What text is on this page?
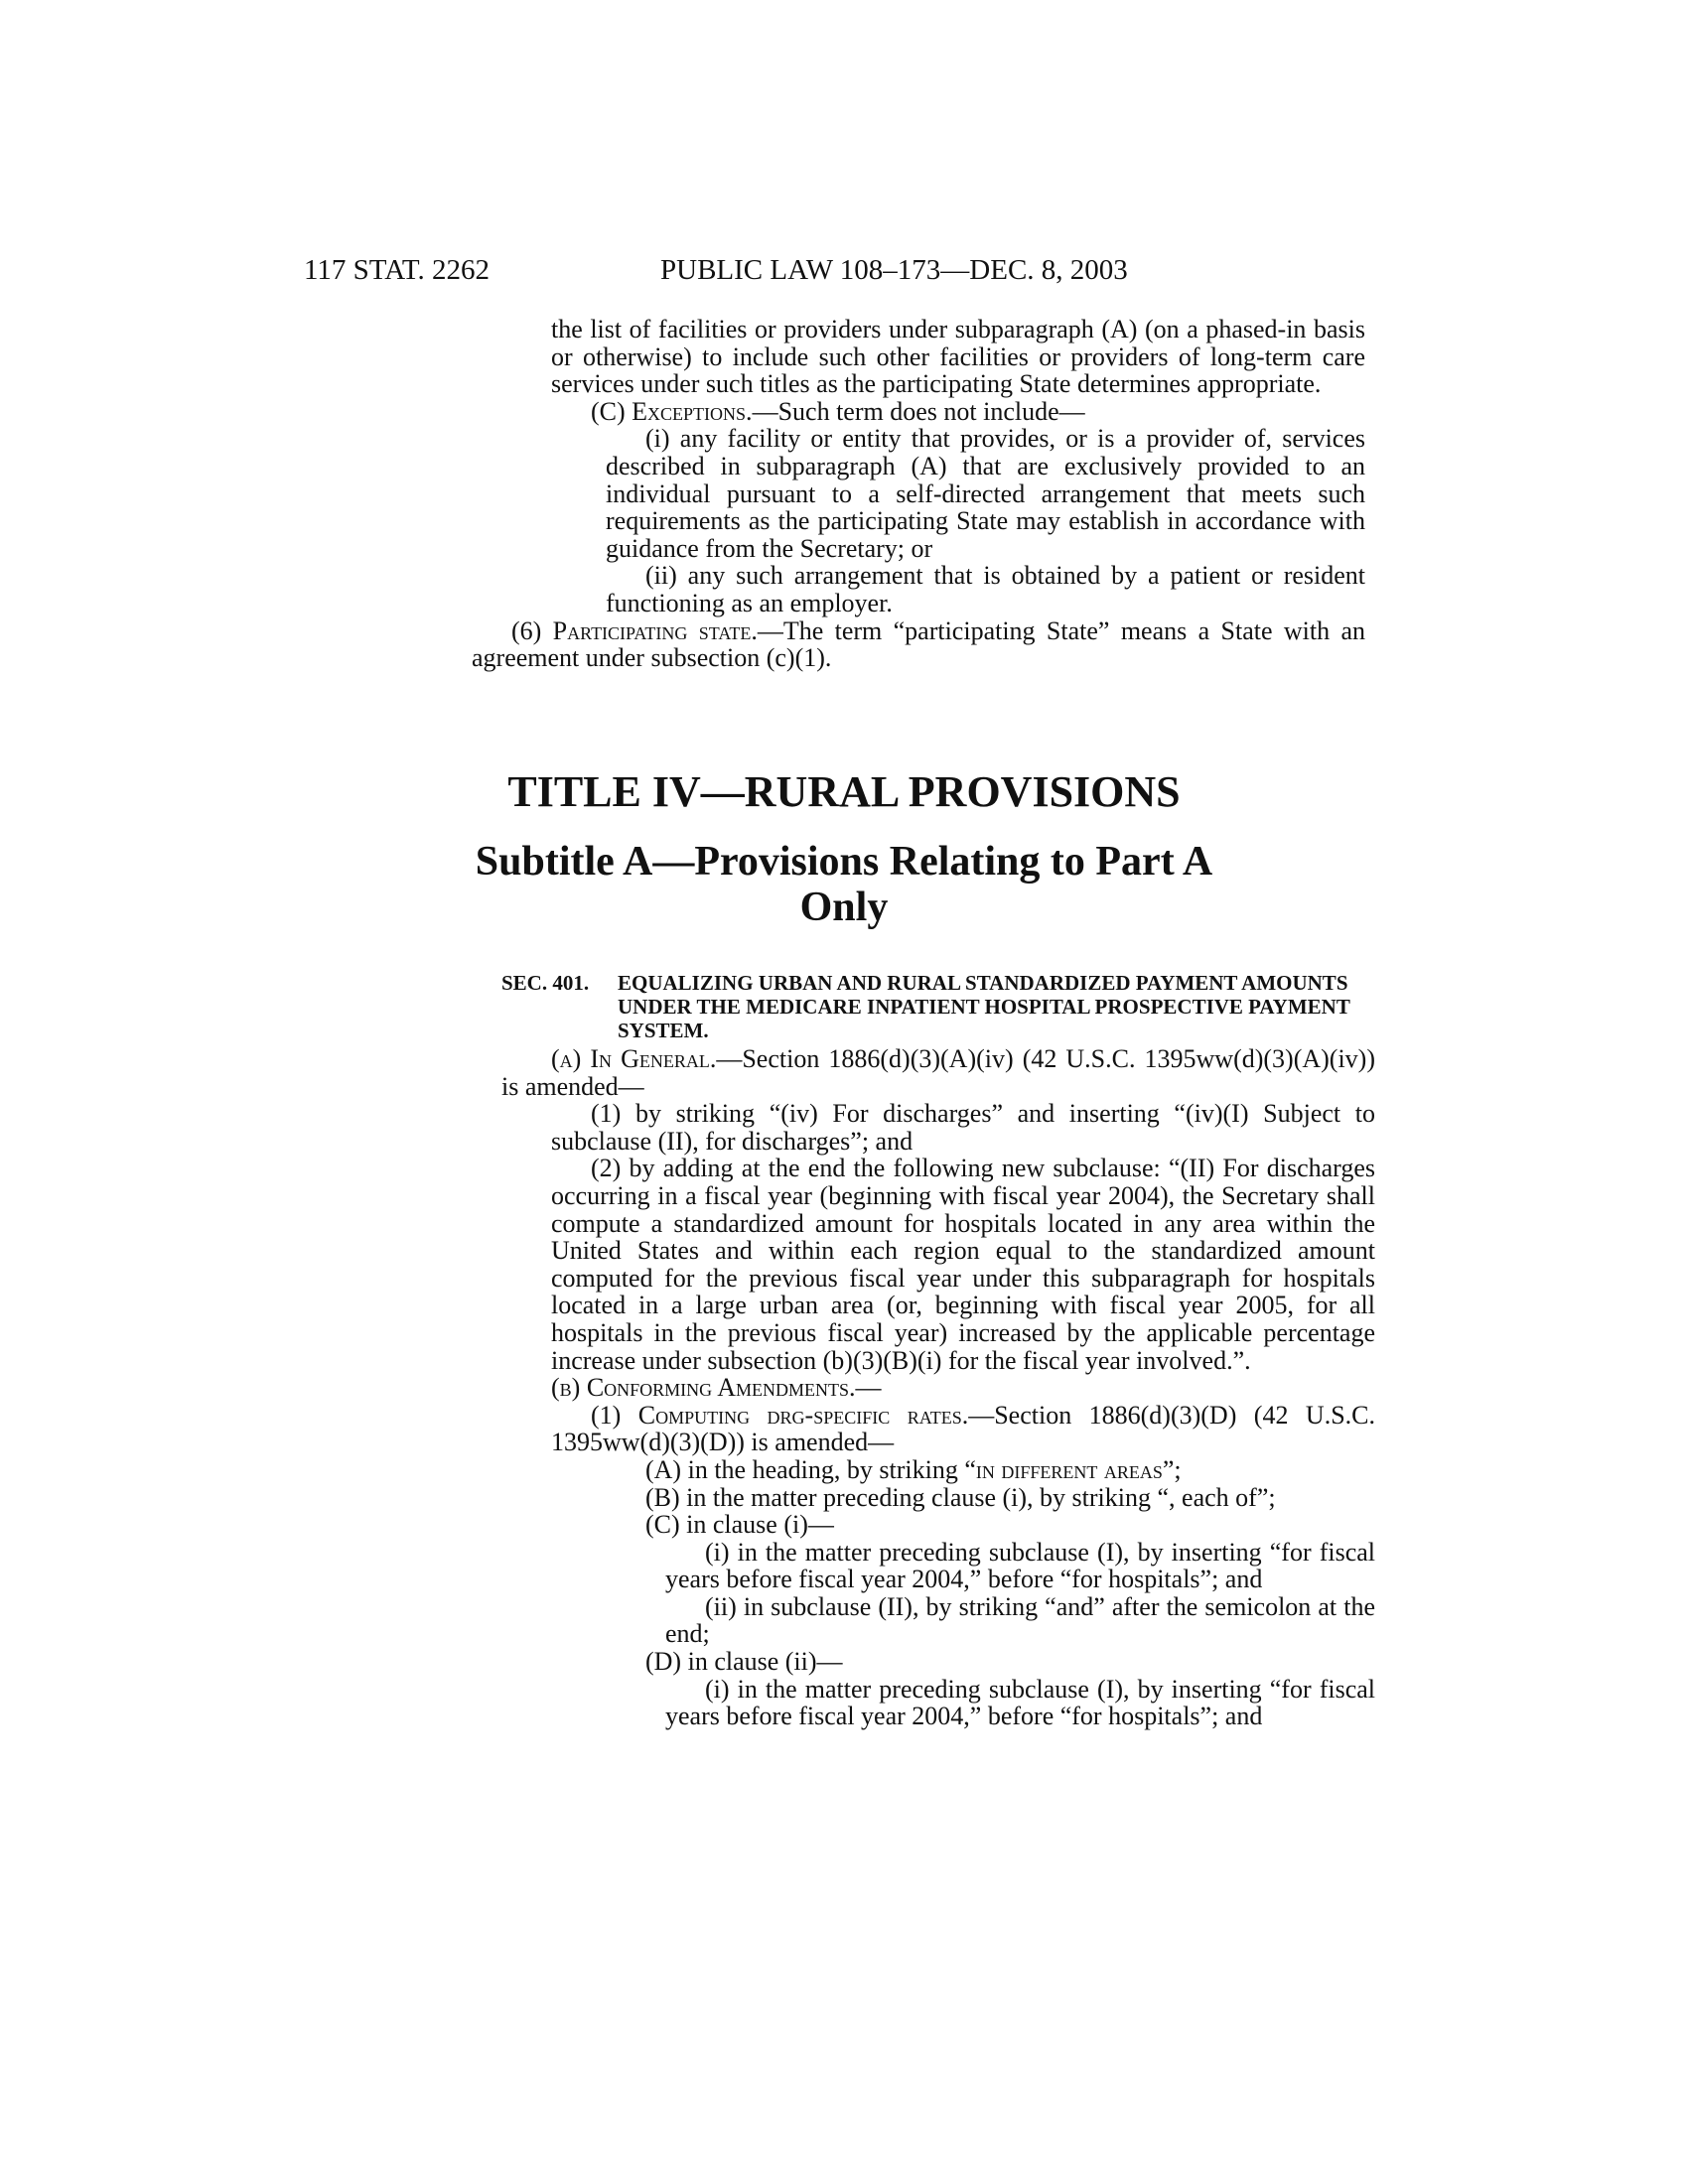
117 STAT. 2262	PUBLIC LAW 108–173—DEC. 8, 2003

the list of facilities or providers under subparagraph (A) (on a phased-in basis or otherwise) to include such other facilities or providers of long-term care services under such titles as the participating State determines appropriate.

(C) Exceptions.—Such term does not include—

(i) any facility or entity that provides, or is a provider of, services described in subparagraph (A) that are exclusively provided to an individual pursuant to a self-directed arrangement that meets such requirements as the participating State may establish in accordance with guidance from the Secretary; or

(ii) any such arrangement that is obtained by a patient or resident functioning as an employer.

(6) Participating state.—The term “participating State” means a State with an agreement under subsection (c)(1).

TITLE IV—RURAL PROVISIONS
Subtitle A—Provisions Relating to Part A
Only
SEC. 401. EQUALIZING URBAN AND RURAL STANDARDIZED PAYMENT AMOUNTS UNDER THE MEDICARE INPATIENT HOSPITAL PROSPECTIVE PAYMENT SYSTEM.

(a) In General.—Section 1886(d)(3)(A)(iv) (42 U.S.C. 1395ww(d)(3)(A)(iv)) is amended—

(1) by striking “(iv) For discharges” and inserting “(iv)(I) Subject to subclause (II), for discharges”; and

(2) by adding at the end the following new subclause: “(II) For discharges occurring in a fiscal year (beginning with fiscal year 2004), the Secretary shall compute a standardized amount for hospitals located in any area within the United States and within each region equal to the standardized amount computed for the previous fiscal year under this subparagraph for hospitals located in a large urban area (or, beginning with fiscal year 2005, for all hospitals in the previous fiscal year) increased by the applicable percentage increase under subsection (b)(3)(B)(i) for the fiscal year involved.”.

(b) Conforming Amendments.—

(1) Computing drg-specific rates.—Section 1886(d)(3)(D) (42 U.S.C. 1395ww(d)(3)(D)) is amended—

(A) in the heading, by striking “in different areas”;

(B) in the matter preceding clause (i), by striking “, each of”;

(C) in clause (i)—

(i) in the matter preceding subclause (I), by inserting “for fiscal years before fiscal year 2004,” before “for hospitals”; and

(ii) in subclause (II), by striking “and” after the semicolon at the end;

(D) in clause (ii)—

(i) in the matter preceding subclause (I), by inserting “for fiscal years before fiscal year 2004,” before “for hospitals”; and
